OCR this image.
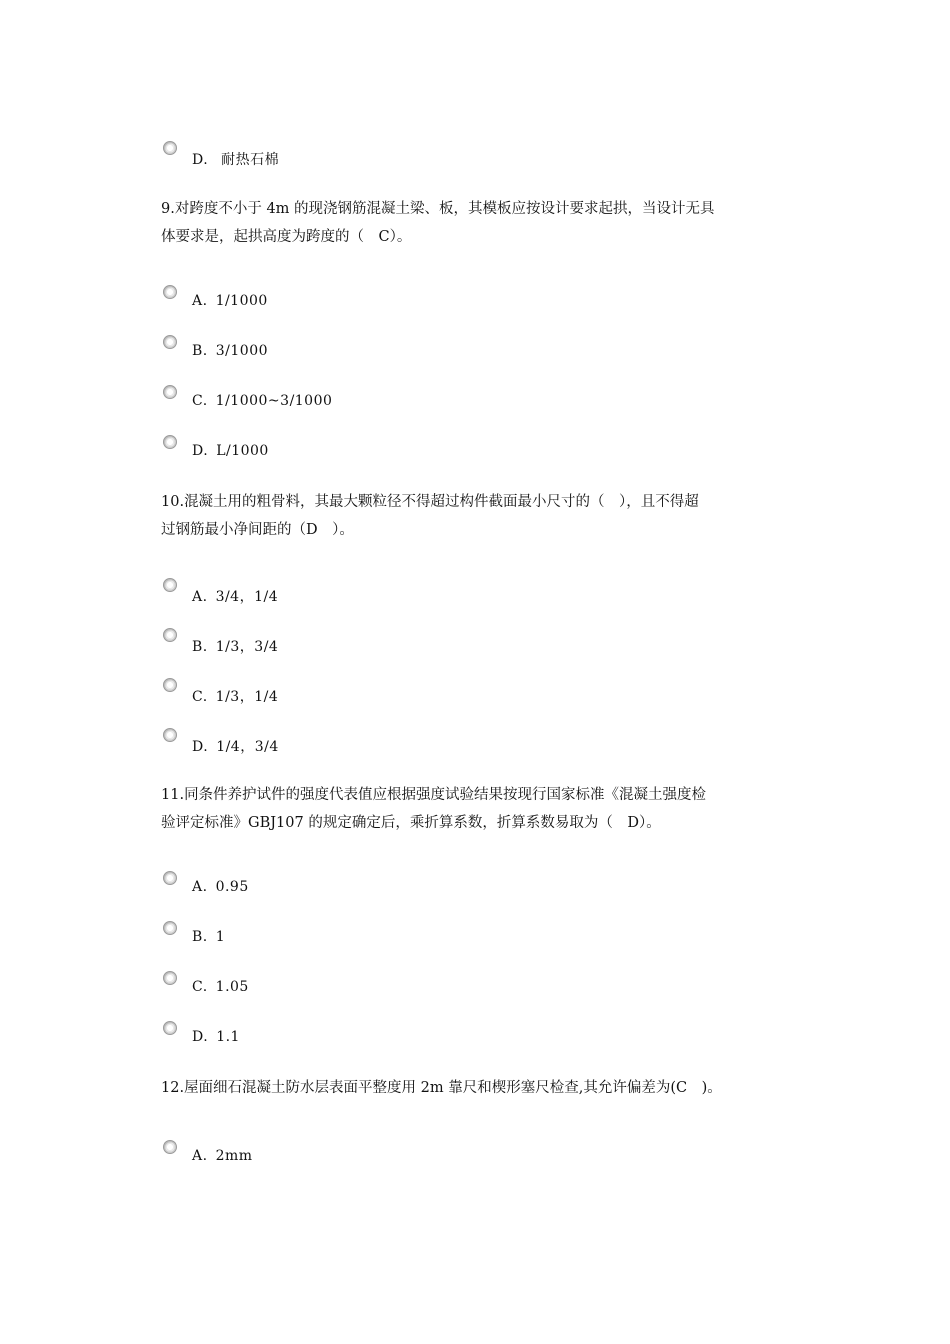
D. 耐热石棉
9.对跨度不小于 4m 的现浇钢筋混凝土梁、板，其模板应按设计要求起拱，当设计无具
体要求是，起拱高度为跨度的（　C）。
A. 1/1000
B. 3/1000
C. 1/1000~3/1000
D. L/1000
10.混凝土用的粗骨料，其最大颗粒径不得超过构件截面最小尺寸的（　），且不得超
过钢筋最小净间距的（D　）。
A. 3/4，1/4
B. 1/3，3/4
C. 1/3，1/4
D. 1/4，3/4
11.同条件养护试件的强度代表值应根据强度试验结果按现行国家标准《混凝土强度检
验评定标准》GBJ107 的规定确定后，乘折算系数，折算系数易取为（　D）。
A. 0.95
B. 1
C. 1.05
D. 1.1
12.屋面细石混凝土防水层表面平整度用 2m 靠尺和楔形塞尺检查,其允许偏差为(C　)。
A. 2mm
